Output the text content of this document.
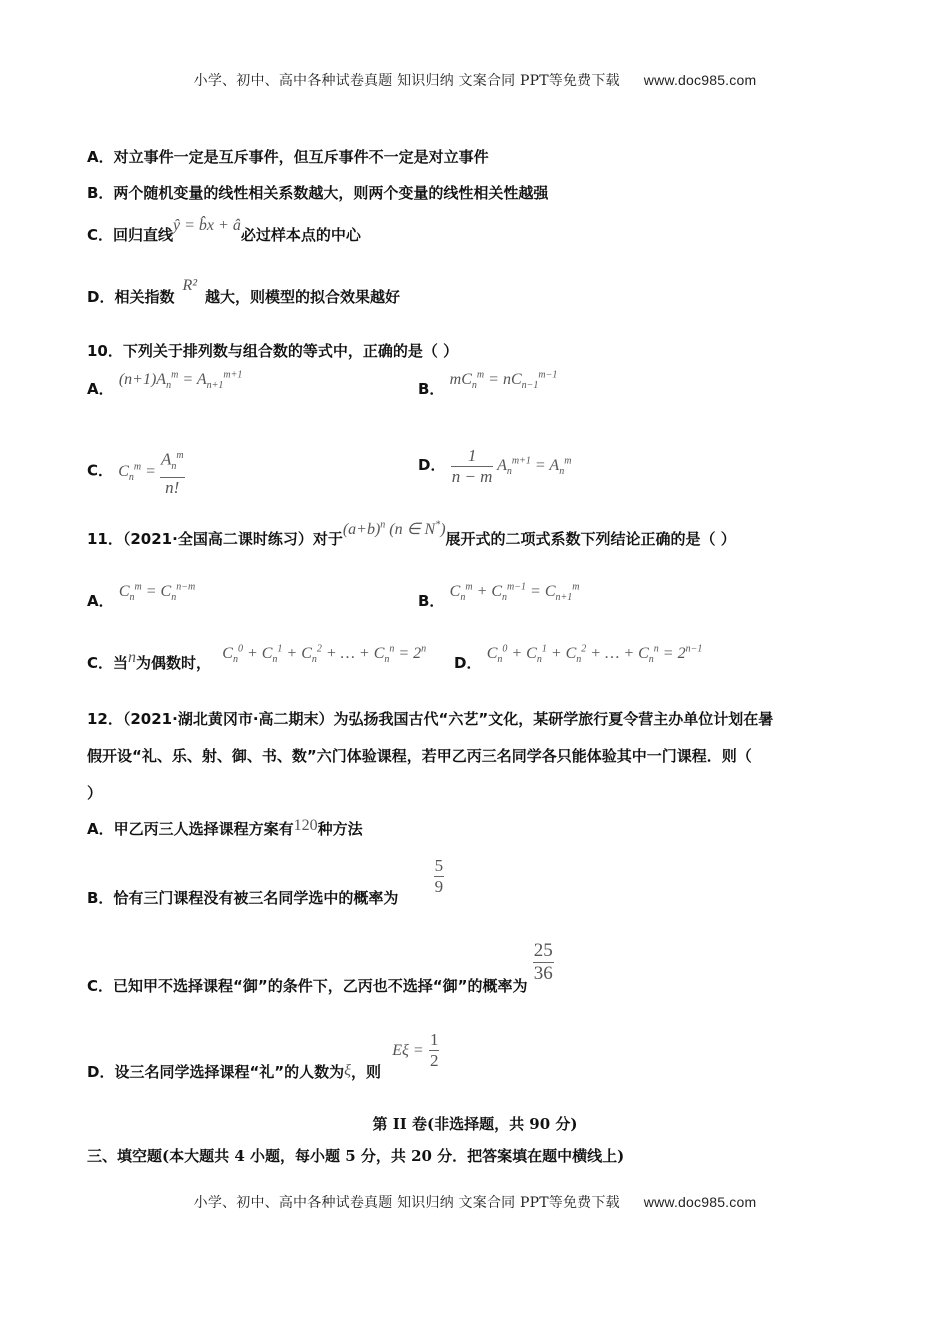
小学、初中、高中各种试卷真题 知识归纳 文案合同 PPT等免费下载 www.doc985.com
A．对立事件一定是互斥事件，但互斥事件不一定是对立事件
B．两个随机变量的线性相关系数越大，则两个变量的线性相关性越强
C．回归直线ŷ = b̂x + â必过样本点的中心
D．相关指数R²越大，则模型的拟合效果越好
10．下列关于排列数与组合数的等式中，正确的是（ ）
A． $(n+1)A_n^m = A_{n+1}^{m+1}$
B． $mC_n^m = nC_{n-1}^{m-1}$
C． $C_n^m = \frac{A_n^m}{n!}$	D． $\frac{1}{n - m} A_n^{m+1} = A_n^m$
11．（2021·全国高二课时练习）对于$(a+b)^n$ (n ∈ N*)展开式的二项式系数下列结论正确的是（ ）
A． $C_n^m = C_n^{n-m}$
B． $C_n^m + C_n^{m-1} = C_{n+1}^m$
C．当n为偶数时， $C_n^0 + C_n^1 + C_n^2$ + … + $C_n^n = 2^n$
D． $C_n^0 + C_n^1 + C_n^2$ + … + $C_n^n = 2^{n-1}$
12．（2021·湖北黄冈市·高二期末）为弘扬我国古代“六艺”文化，某研学旅行夏令营主办单位计划在暑
假开设“礼、乐、射、御、书、数”六门体验课程，若甲乙丙三名同学各只能体验其中一门课程．则（
）
A．甲乙丙三人选择课程方案有120种方法
B．恰有三门课程没有被三名同学选中的概率为
$\frac{5}{9}$
C．已知甲不选择课程“御”的条件下，乙丙也不选择“御”的概率为
$\frac{25}{36}$
D．设三名同学选择课程“礼”的人数为ξ，则 $E\xi = \frac{1}{2}$
第 II 卷(非选择题，共 90 分)
三、填空题(本大题共 4 小题，每小题 5 分，共 20 分．把答案填在题中横线上)
小学、初中、高中各种试卷真题 知识归纳 文案合同 PPT等免费下载 www.doc985.com
